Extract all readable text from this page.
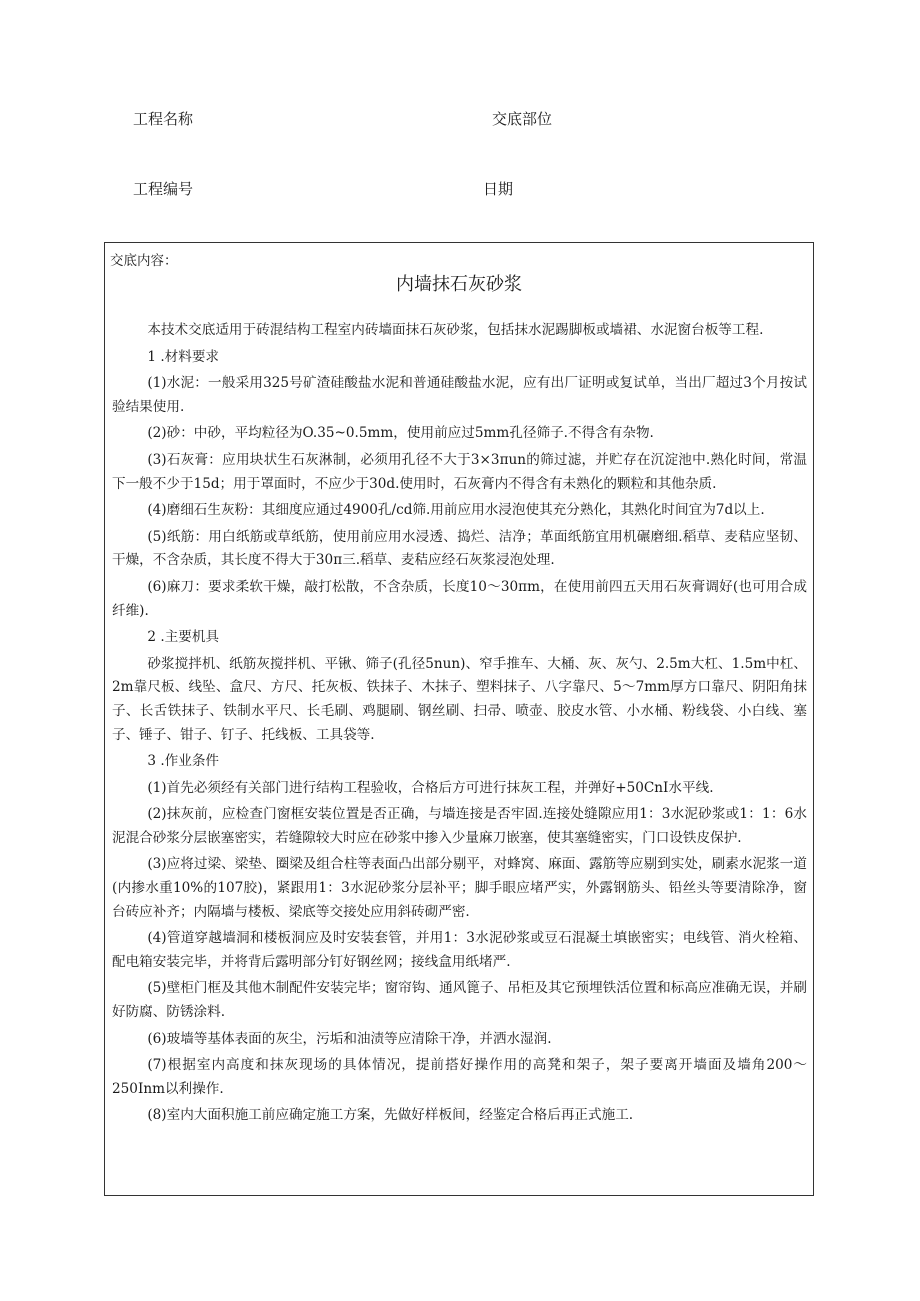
工程名称	交底部位
工程编号	日期
交底内容：
内墙抹石灰砂浆

本技术交底适用于砖混结构工程室内砖墙面抹石灰砂浆，包括抹水泥踢脚板或墙裙、水泥窗台板等工程.

1 .材料要求

(1)水泥：一般采用325号矿渣硅酸盐水泥和普通硅酸盐水泥，应有出厂证明或复试单，当出厂超过3个月按试验结果使用.

(2)砂：中砂，平均粒径为O.35~0.5mm，使用前应过5mm孔径筛子.不得含有杂物.

(3)石灰膏：应用块状生石灰淋制，必须用孔径不大于3×3πun的筛过滤，并贮存在沉淀池中.熟化时间，常温下一般不少于15d；用于罩面时，不应少于30d.使用时，石灰膏内不得含有未熟化的颗粒和其他杂质.

(4)磨细石生灰粉：其细度应通过4900孔/cd筛.用前应用水浸泡使其充分熟化，其熟化时间宜为7d以上.

(5)纸筋：用白纸筋或草纸筋，使用前应用水浸透、捣烂、洁净；革面纸筋宜用机碾磨细.稻草、麦秸应坚韧、干燥，不含杂质，其长度不得大于30π三.稻草、麦秸应经石灰浆浸泡处理.

(6)麻刀：要求柔软干燥，敲打松散，不含杂质，长度10～30πm，在使用前四五天用石灰膏调好(也可用合成纤维).

2 .主要机具

砂浆搅拌机、纸筋灰搅拌机、平锹、筛子(孔径5nun)、窄手推车、大桶、灰、灰勺、2.5m大杠、1.5m中杠、2m靠尺板、线坠、盒尺、方尺、托灰板、铁抹子、木抹子、塑料抹子、八字靠尺、5～7mm厚方口靠尺、阴阳角抹子、长舌铁抹子、铁制水平尺、长毛刷、鸡腿刷、钢丝刷、扫帚、喷壶、胶皮水管、小水桶、粉线袋、小白线、塞子、锤子、钳子、钉子、托线板、工具袋等.

3 .作业条件

(1)首先必须经有关部门进行结构工程验收，合格后方可进行抹灰工程，并弹好+50CnI水平线.

(2)抹灰前，应检查门窗框安装位置是否正确，与墙连接是否牢固.连接处缝隙应用1：3水泥砂浆或1：1：6水泥混合砂浆分层嵌塞密实，若缝隙较大时应在砂浆中掺入少量麻刀嵌塞，使其塞缝密实，门口设铁皮保护.

(3)应将过梁、梁垫、圈梁及组合柱等表面凸出部分剔平，对蜂窝、麻面、露筋等应剔到实处，刷素水泥浆一道(内掺水重10%的107胶)，紧跟用1：3水泥砂浆分层补平；脚手眼应堵严实，外露钢筋头、铅丝头等要清除净，窗台砖应补齐；内隔墙与楼板、梁底等交接处应用斜砖砌严密.

(4)管道穿越墙洞和楼板洞应及时安装套管，并用1：3水泥砂浆或豆石混凝土填嵌密实；电线管、消火栓箱、配电箱安装完毕，并将背后露明部分钉好钢丝网；接线盒用纸堵严.

(5)壁柜门框及其他木制配件安装完毕；窗帘钩、通风篦子、吊柜及其它预埋铁活位置和标高应准确无误，并刷好防腐、防锈涂料.

(6)玻墙等基体表面的灰尘，污垢和油渍等应清除干净，并洒水湿润.

(7)根据室内高度和抹灰现场的具体情况，提前搭好操作用的高凳和架子，架子要离开墙面及墙角200～250Inm以利操作.

(8)室内大面积施工前应确定施工方案，先做好样板间，经鉴定合格后再正式施工.
